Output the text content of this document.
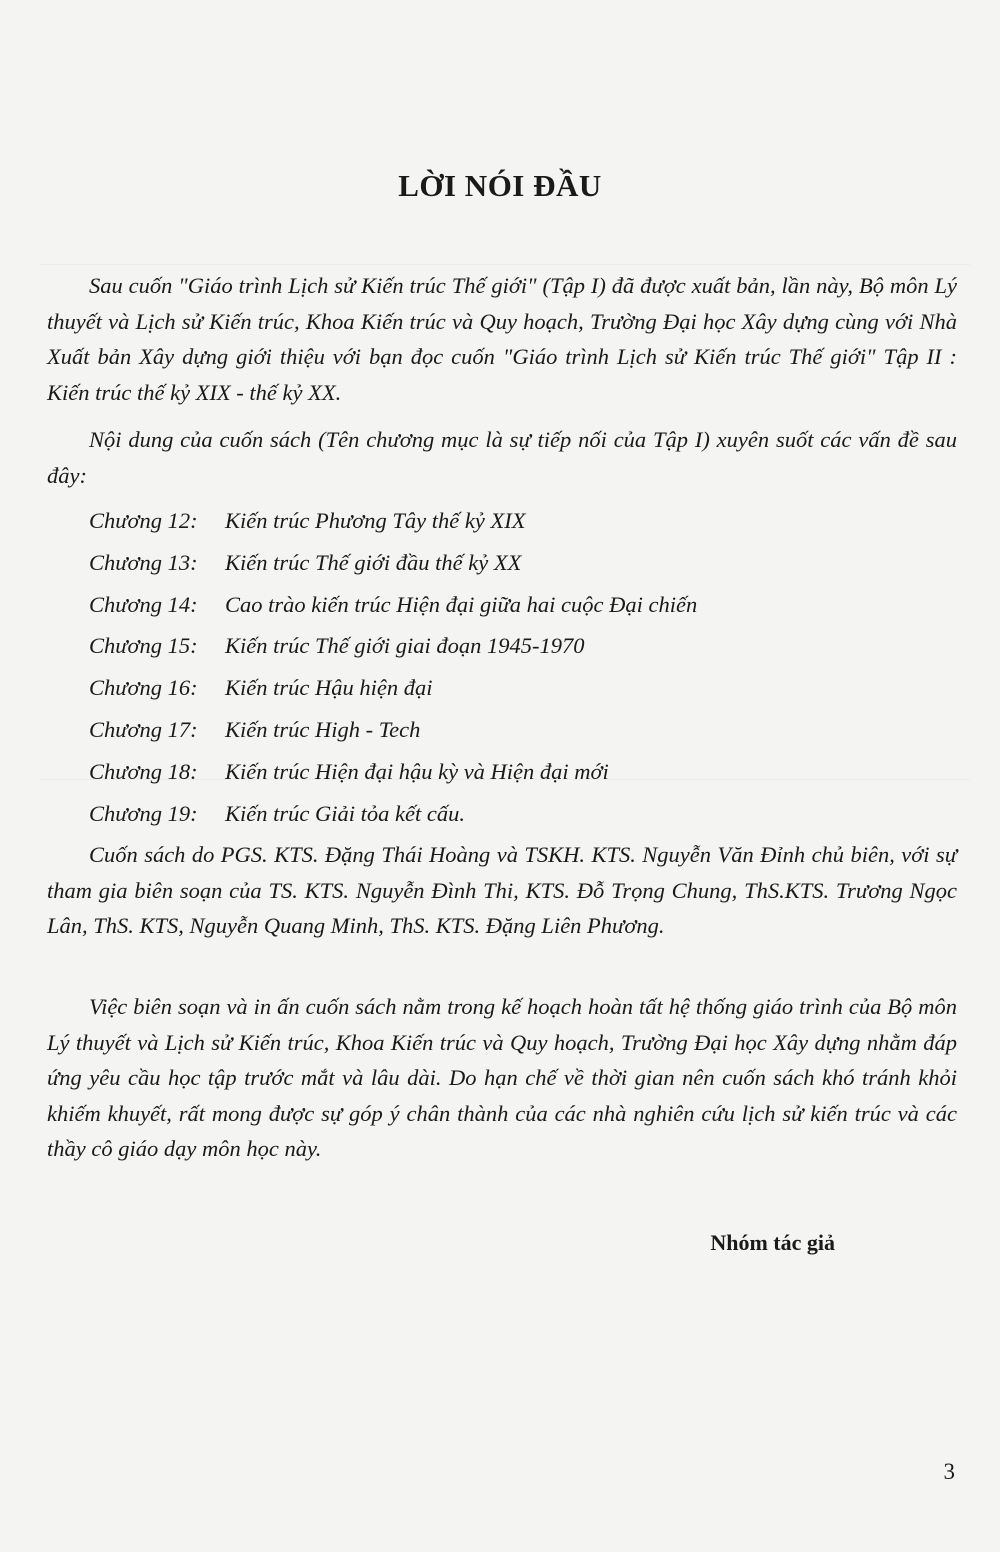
LỜI NÓI ĐẦU

Sau cuốn "Giáo trình Lịch sử Kiến trúc Thế giới" (Tập I) đã được xuất bản, lần này, Bộ môn Lý thuyết và Lịch sử Kiến trúc, Khoa Kiến trúc và Quy hoạch, Trường Đại học Xây dựng cùng với Nhà Xuất bản Xây dựng giới thiệu với bạn đọc cuốn "Giáo trình Lịch sử Kiến trúc Thế giới" Tập II : Kiến trúc thế kỷ XIX - thế kỷ XX.

Nội dung của cuốn sách (Tên chương mục là sự tiếp nối của Tập I) xuyên suốt các vấn đề sau đây:

Chương 12: Kiến trúc Phương Tây thế kỷ XIX
Chương 13: Kiến trúc Thế giới đầu thế kỷ XX
Chương 14: Cao trào kiến trúc Hiện đại giữa hai cuộc Đại chiến
Chương 15: Kiến trúc Thế giới giai đoạn 1945-1970
Chương 16: Kiến trúc Hậu hiện đại
Chương 17: Kiến trúc High - Tech
Chương 18: Kiến trúc Hiện đại hậu kỳ và Hiện đại mới
Chương 19: Kiến trúc Giải tỏa kết cấu.

Cuốn sách do PGS. KTS. Đặng Thái Hoàng và TSKH. KTS. Nguyễn Văn Đỉnh chủ biên, với sự tham gia biên soạn của TS. KTS. Nguyễn Đình Thi, KTS. Đỗ Trọng Chung, ThS.KTS. Trương Ngọc Lân, ThS. KTS, Nguyễn Quang Minh, ThS. KTS. Đặng Liên Phương.

Việc biên soạn và in ấn cuốn sách nằm trong kế hoạch hoàn tất hệ thống giáo trình của Bộ môn Lý thuyết và Lịch sử Kiến trúc, Khoa Kiến trúc và Quy hoạch, Trường Đại học Xây dựng nhằm đáp ứng yêu cầu học tập trước mắt và lâu dài. Do hạn chế về thời gian nên cuốn sách khó tránh khỏi khiếm khuyết, rất mong được sự góp ý chân thành của các nhà nghiên cứu lịch sử kiến trúc và các thầy cô giáo dạy môn học này.

Nhóm tác giả
3
